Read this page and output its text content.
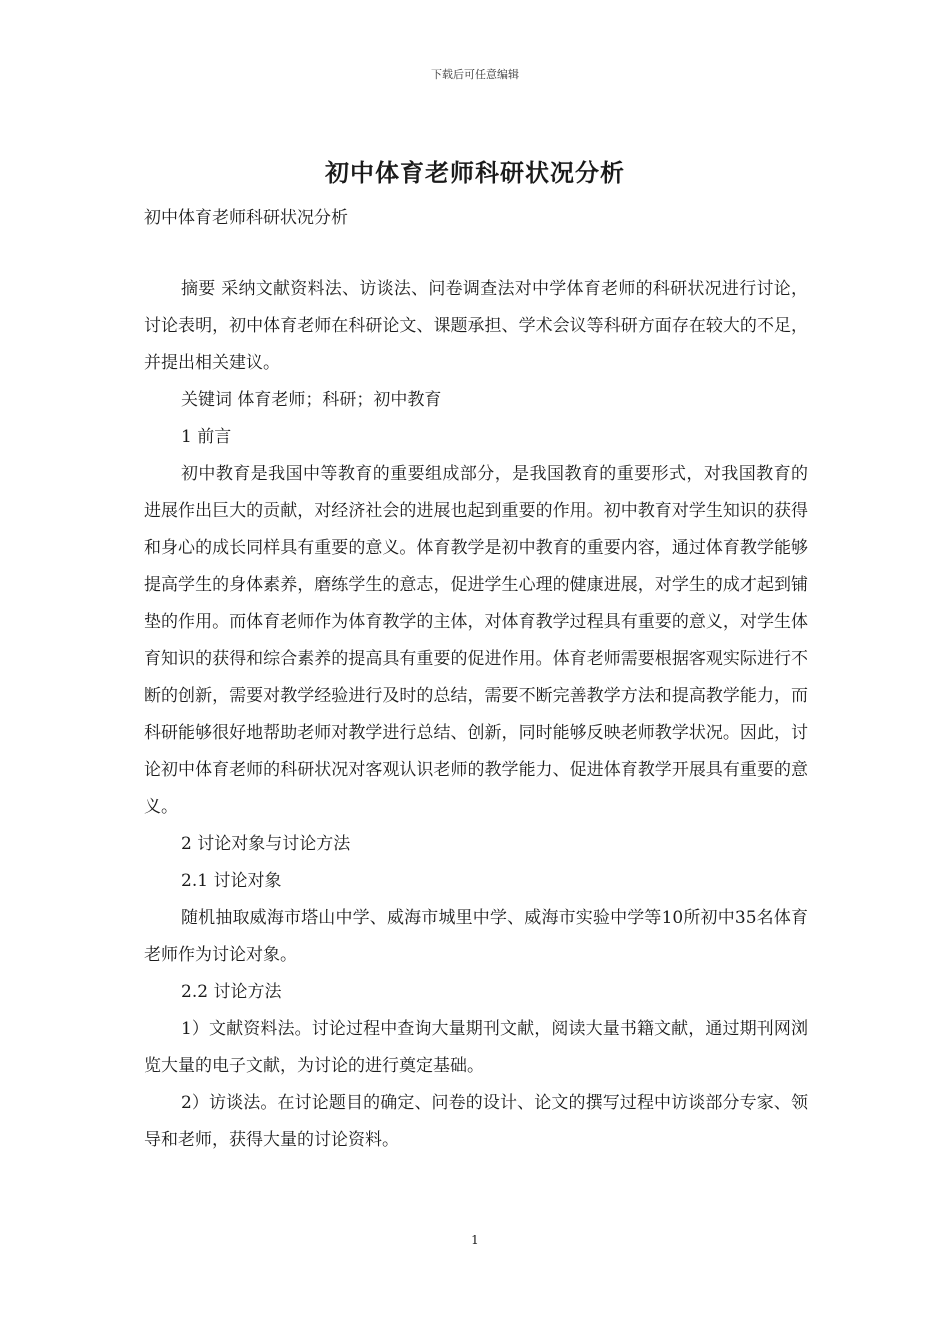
下载后可任意编辑
初中体育老师科研状况分析
初中体育老师科研状况分析

摘要 采纳文献资料法、访谈法、问卷调查法对中学体育老师的科研状况进行讨论，讨论表明，初中体育老师在科研论文、课题承担、学术会议等科研方面存在较大的不足，并提出相关建议。

关键词 体育老师；科研；初中教育

1 前言

初中教育是我国中等教育的重要组成部分，是我国教育的重要形式，对我国教育的进展作出巨大的贡献，对经济社会的进展也起到重要的作用。初中教育对学生知识的获得和身心的成长同样具有重要的意义。体育教学是初中教育的重要内容，通过体育教学能够提高学生的身体素养，磨练学生的意志，促进学生心理的健康进展，对学生的成才起到铺垫的作用。而体育老师作为体育教学的主体，对体育教学过程具有重要的意义，对学生体育知识的获得和综合素养的提高具有重要的促进作用。体育老师需要根据客观实际进行不断的创新，需要对教学经验进行及时的总结，需要不断完善教学方法和提高教学能力，而科研能够很好地帮助老师对教学进行总结、创新，同时能够反映老师教学状况。因此，讨论初中体育老师的科研状况对客观认识老师的教学能力、促进体育教学开展具有重要的意义。

2 讨论对象与讨论方法

2.1 讨论对象

随机抽取威海市塔山中学、威海市城里中学、威海市实验中学等10所初中35名体育老师作为讨论对象。

2.2 讨论方法

1）文献资料法。讨论过程中查询大量期刊文献，阅读大量书籍文献，通过期刊网浏览大量的电子文献，为讨论的进行奠定基础。

2）访谈法。在讨论题目的确定、问卷的设计、论文的撰写过程中访谈部分专家、领导和老师，获得大量的讨论资料。

1
